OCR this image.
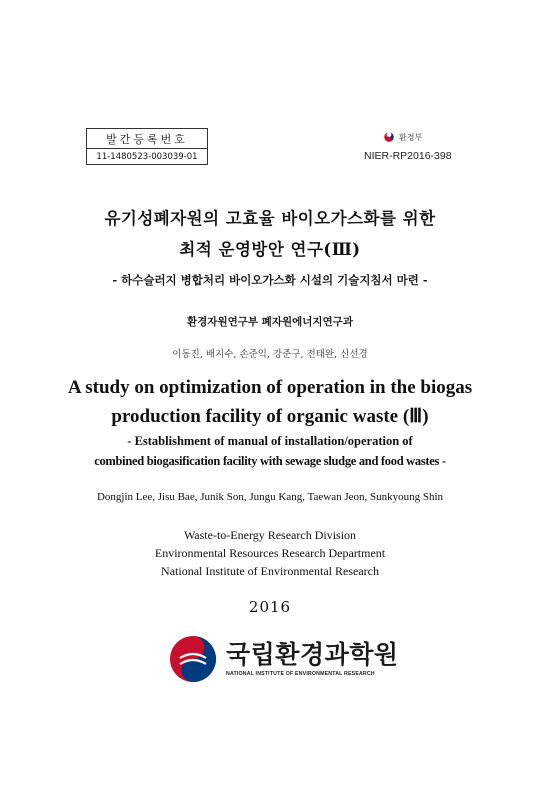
발간등록번호
11-1480523-003039-01
환경부
NIER-RP2016-398
유기성폐자원의 고효율 바이오가스화를 위한
최적 운영방안 연구(Ⅲ)
- 하수슬러지 병합처리 바이오가스화 시설의 기술지침서 마련 -
환경자원연구부 폐자원에너지연구과
이동진, 배지수, 손준익, 강준구, 전태완, 신선경
A study on optimization of operation in the biogas
production facility of organic waste (Ⅲ)
- Establishment of manual of installation/operation of
combined biogasification facility with sewage sludge and food wastes -
Dongjin Lee, Jisu Bae, Junik Son, Jungu Kang, Taewan Jeon, Sunkyoung Shin
Waste-to-Energy Research Division
Environmental Resources Research Department
National Institute of Environmental Research
2016
국립환경과학원
NATIONAL INSTITUTE OF ENVIRONMENTAL RESEARCH
